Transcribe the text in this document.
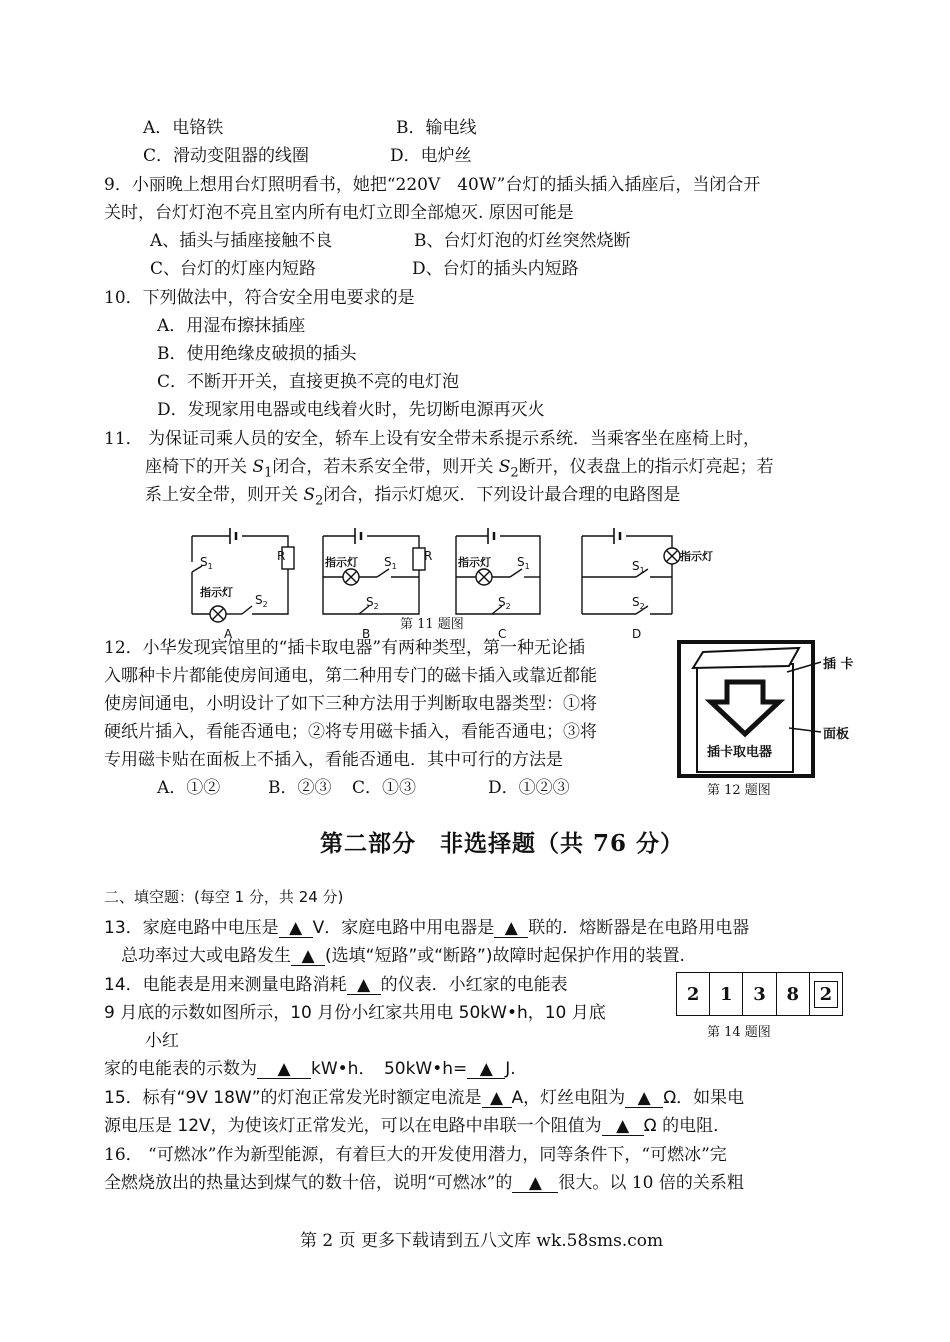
A．电铬铁	B．输电线
C．滑动变阻器的线圈	D．电炉丝
9．小丽晚上想用台灯照明看书，她把“220V　40W”台灯的插头插入插座后，当闭合开
关时，台灯灯泡不亮且室内所有电灯立即全部熄灭. 原因可能是
A、插头与插座接触不良	B、台灯灯泡的灯丝突然烧断
C、台灯的灯座内短路	D、台灯的插头内短路
10．下列做法中，符合安全用电要求的是
A．用湿布擦抹插座
B．使用绝缘皮破损的插头
C．不断开开关，直接更换不亮的电灯泡
D．发现家用电器或电线着火时，先切断电源再灭火
11． 为保证司乘人员的安全，轿车上设有安全带未系提示系统．当乘客坐在座椅上时，
座椅下的开关 $S_1$闭合，若未系安全带，则开关 $S_2$断开，仪表盘上的指示灯亮起；若
系上安全带，则开关 $S_2$闭合，指示灯熄灭．下列设计最合理的电路图是
$S_1$
R
指示灯
$S_2$
A
指示灯 $S_1$
R
$S_2$
B
指示灯 $S_1$
$S_2$
C
指示灯
$S_1$
$S_2$
D
第 11 题图
12．小华发现宾馆里的“插卡取电器”有两种类型，第一种无论插
入哪种卡片都能使房间通电，第二种用专门的磁卡插入或靠近都能
使房间通电，小明设计了如下三种方法用于判断取电器类型：①将
硬纸片插入，看能否通电；②将专用磁卡插入，看能否通电；③将
专用磁卡贴在面板上不插入，看能否通电．其中可行的方法是
A．①②	B．②③ C．①③	D．①②③
插 卡
面板
插卡取电器
第 12 题图
第二部分　非选择题（共 76 分）
二、填空题：(每空 1 分，共 24 分)
13．家庭电路中电压是 ▲ V．家庭电路中用电器是 ▲ 联的．熔断器是在电路用电器
总功率过大或电路发生 ▲ (选填“短路”或“断路”)故障时起保护作用的装置.
14．电能表是用来测量电路消耗 ▲ 的仪表．小红家的电能表
9 月底的示数如图所示，10 月份小红家共用电 50kW•h，10 月底
小红
家的电能表的示数为 ▲ kW•h．　50kW•h= ▲ J.
2	1	3	8	2
第 14 题图
15．标有“9V 18W”的灯泡正常发光时额定电流是 ▲ A，灯丝电阻为 ▲ Ω．如果电
源电压是 12V，为使该灯正常发光，可以在电路中串联一个阻值为 ▲ Ω 的电阻．
16． “可燃冰”作为新型能源，有着巨大的开发使用潜力，同等条件下，“可燃冰”完
全燃烧放出的热量达到煤气的数十倍，说明“可燃冰”的 ▲ 很大。以 10 倍的关系粗
第 2 页 更多下载请到五八文库 wk.58sms.com
